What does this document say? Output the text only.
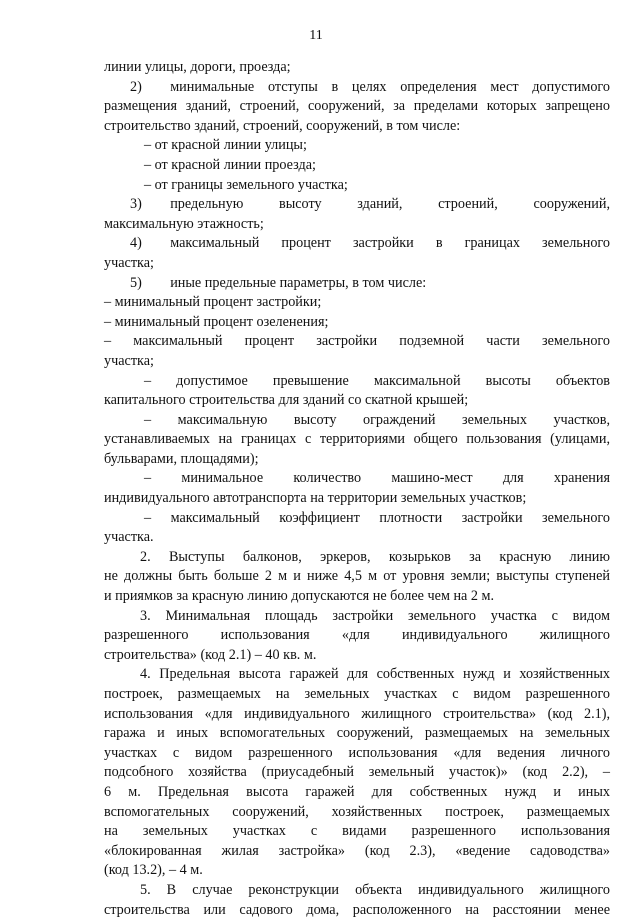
11
линии улицы, дороги, проезда;
2)  минимальные отступы в целях определения мест допустимого
размещения зданий, строений, сооружений, за пределами которых запрещено
строительство зданий, строений, сооружений, в том числе:
– от красной линии улицы;
– от красной линии проезда;
– от границы земельного участка;
3)  предельную высоту зданий, строений, сооружений,
максимальную этажность;
4)  максимальный процент застройки в границах земельного
участка;
5)  иные предельные параметры, в том числе:
– минимальный процент застройки;
– минимальный процент озеленения;
– максимальный процент застройки подземной части земельного
участка;
– допустимое превышение максимальной высоты объектов
капитального строительства для зданий со скатной крышей;
– максимальную высоту ограждений земельных участков,
устанавливаемых на границах с территориями общего пользования (улицами,
бульварами, площадями);
– минимальное количество машино-мест для хранения
индивидуального автотранспорта на территории земельных участков;
– максимальный коэффициент плотности застройки земельного
участка.
2. Выступы балконов, эркеров, козырьков за красную линию
не должны быть больше 2 м и ниже 4,5 м от уровня земли; выступы ступеней
и приямков за красную линию допускаются не более чем на 2 м.
3. Минимальная площадь застройки земельного участка с видом
разрешенного использования «для индивидуального жилищного
строительства» (код 2.1) – 40 кв. м.
4. Предельная высота гаражей для собственных нужд и хозяйственных
построек, размещаемых на земельных участках с видом разрешенного
использования «для индивидуального жилищного строительства» (код 2.1),
гаража и иных вспомогательных сооружений, размещаемых на земельных
участках с видом разрешенного использования «для ведения личного
подсобного хозяйства (приусадебный земельный участок)» (код 2.2), –
6 м. Предельная высота гаражей для собственных нужд и иных
вспомогательных сооружений, хозяйственных построек, размещаемых
на земельных участках с видами разрешенного использования
«блокированная жилая застройка» (код 2.3), «ведение садоводства»
(код 13.2), – 4 м.
5. В случае реконструкции объекта индивидуального жилищного
строительства или садового дома, расположенного на расстоянии менее
